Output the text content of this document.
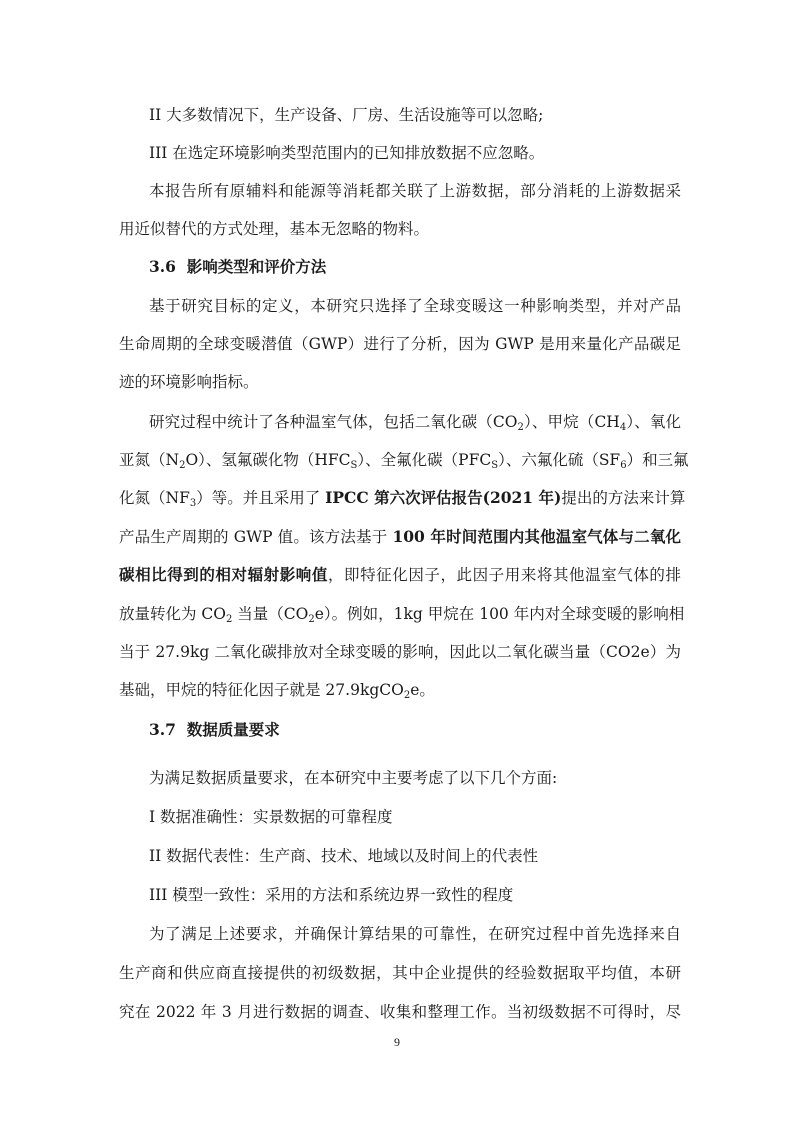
II 大多数情况下，生产设备、厂房、生活设施等可以忽略;
III 在选定环境影响类型范围内的已知排放数据不应忽略。
本报告所有原辅料和能源等消耗都关联了上游数据，部分消耗的上游数据采
用近似替代的方式处理，基本无忽略的物料。
3.6 影响类型和评价方法
基于研究目标的定义，本研究只选择了全球变暖这一种影响类型，并对产品
生命周期的全球变暖潜值（GWP）进行了分析，因为 GWP 是用来量化产品碳足
迹的环境影响指标。
研究过程中统计了各种温室气体，包括二氧化碳$(CO_2)$、甲烷$(CH_4)$、氧化
亚氮$(N_2O)$、氢氟碳化物$(HFC_S)$、全氟化碳$(PFC_S)$、六氟化硫$(SF_6)$和三氟
化氮$(NF_3)$等。并且采用了 IPCC 第六次评估报告(2021 年)提出的方法来计算
产品生产周期的 GWP 值。该方法基于 100 年时间范围内其他温室气体与二氧化
碳相比得到的相对辐射影响值，即特征化因子，此因子用来将其他温室气体的排
放量转化为 $CO_2$ 当量$(CO_2e)$。例如，1kg 甲烷在 100 年内对全球变暖的影响相
当于 27.9kg 二氧化碳排放对全球变暖的影响，因此以二氧化碳当量（CO2e）为
基础，甲烷的特征化因子就是 27.9kgCO$_2$e。
3.7 数据质量要求
为满足数据质量要求，在本研究中主要考虑了以下几个方面:
I 数据准确性：实景数据的可靠程度
II 数据代表性：生产商、技术、地域以及时间上的代表性
III 模型一致性：采用的方法和系统边界一致性的程度
为了满足上述要求，并确保计算结果的可靠性，在研究过程中首先选择来自
生产商和供应商直接提供的初级数据，其中企业提供的经验数据取平均值，本研
究在 2022 年 3 月进行数据的调查、收集和整理工作。当初级数据不可得时，尽
9
